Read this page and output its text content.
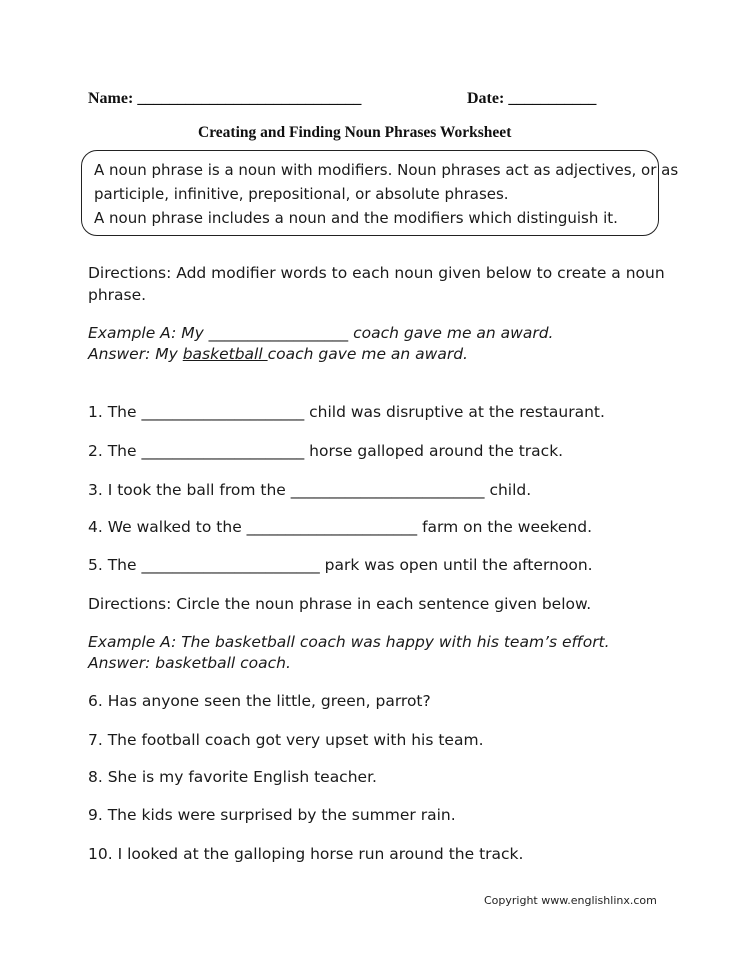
Name: ____________________________	Date: ___________
Creating and Finding Noun Phrases Worksheet

A noun phrase is a noun with modifiers. Noun phrases act as adjectives, or as

participle, infinitive, prepositional, or absolute phrases.

A noun phrase includes a noun and the modifiers which distinguish it.

Directions: Add modifier words to each noun given below to create a noun
phrase.
Example A: My __________________ coach gave me an award.
Answer: My basketball coach gave me an award.
1. The _____________________ child was disruptive at the restaurant.
2. The _____________________ horse galloped around the track.
3. I took the ball from the _________________________ child.
4. We walked to the ______________________ farm on the weekend.
5. The _______________________ park was open until the afternoon.
Directions: Circle the noun phrase in each sentence given below.
Example A: The basketball coach was happy with his team’s effort.
Answer: basketball coach.
6. Has anyone seen the little, green, parrot?
7. The football coach got very upset with his team.
8. She is my favorite English teacher.
9. The kids were surprised by the summer rain.
10. I looked at the galloping horse run around the track.
Copyright www.englishlinx.com
